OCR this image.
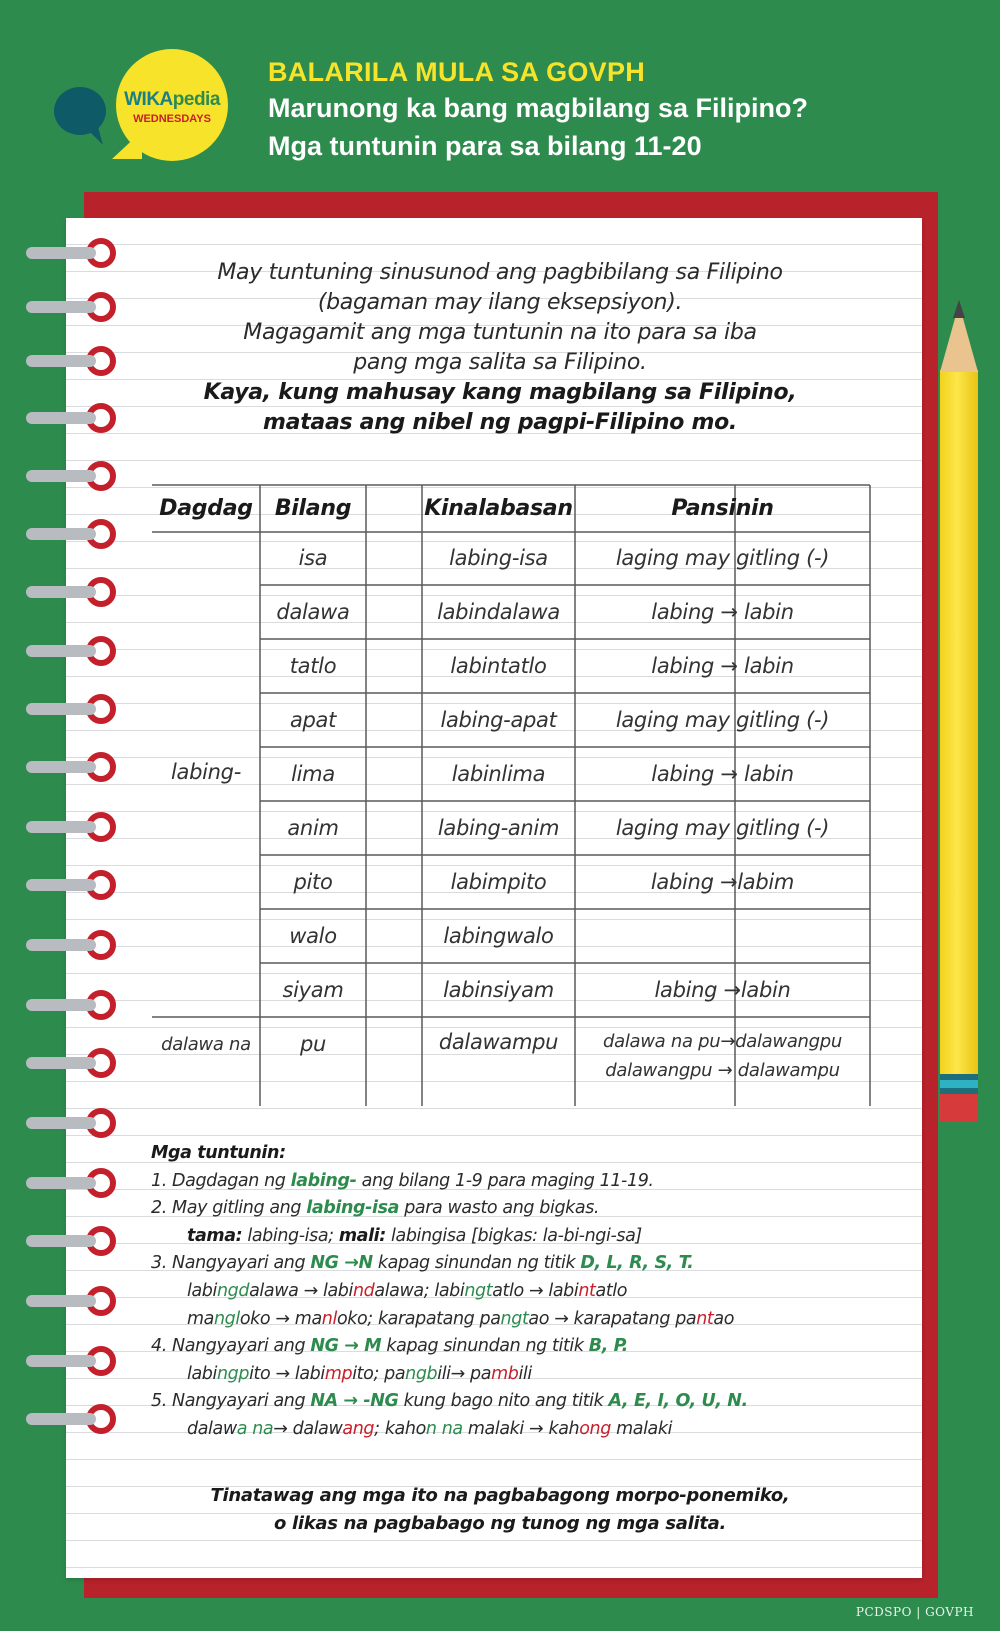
WIKApedia
WEDNESDAYS
BALARILA MULA SA GOVPH
Marunong ka bang magbilang sa Filipino?
Mga tuntunin para sa bilang 11-20
May tuntuning sinusunod ang pagbibilang sa Filipino
(bagaman may ilang eksepsiyon).
Magagamit ang mga tuntunin na ito para sa iba
pang mga salita sa Filipino.
Kaya, kung mahusay kang magbilang sa Filipino,
mataas ang nibel ng pagpi-Filipino mo.
Dagdag	Bilang	Kinalabasan	Pansinin
labing-
isa	labing-isa	laging may gitling (-)
dalawa	labindalawa	labing → labin
tatlo	labintatlo	labing → labin
apat	labing-apat	laging may gitling (-)
lima	labinlima	labing → labin
anim	labing-anim	laging may gitling (-)
pito	labimpito	labing →labim
walo	labingwalo
siyam	labinsiyam	labing →labin
dalawa na	pu	dalawampu	dalawa na pu→dalawangpu
dalawangpu → dalawampu
Mga tuntunin:
1. Dagdagan ng labing- ang bilang 1-9 para maging 11-19.
2. May gitling ang labing-isa para wasto ang bigkas.
tama: labing-isa; mali: labingisa [bigkas: la-bi-ngi-sa]
3. Nangyayari ang NG →N kapag sinundan ng titik D, L, R, S, T.
labingdalawa → labindalawa; labingtatlo → labintatlo
mangloko → manloko; karapatang pangtao → karapatang pantao
4. Nangyayari ang NG → M kapag sinundan ng titik B, P.
labingpito → labimpito; pangbili→ pambili
5. Nangyayari ang NA → -NG kung bago nito ang titik A, E, I, O, U, N.
dalawa na→ dalawang; kahon na malaki → kahong malaki
Tinatawag ang mga ito na pagbabagong morpo-ponemiko,
o likas na pagbabago ng tunog ng mga salita.
PCDSPO | GOVPH
